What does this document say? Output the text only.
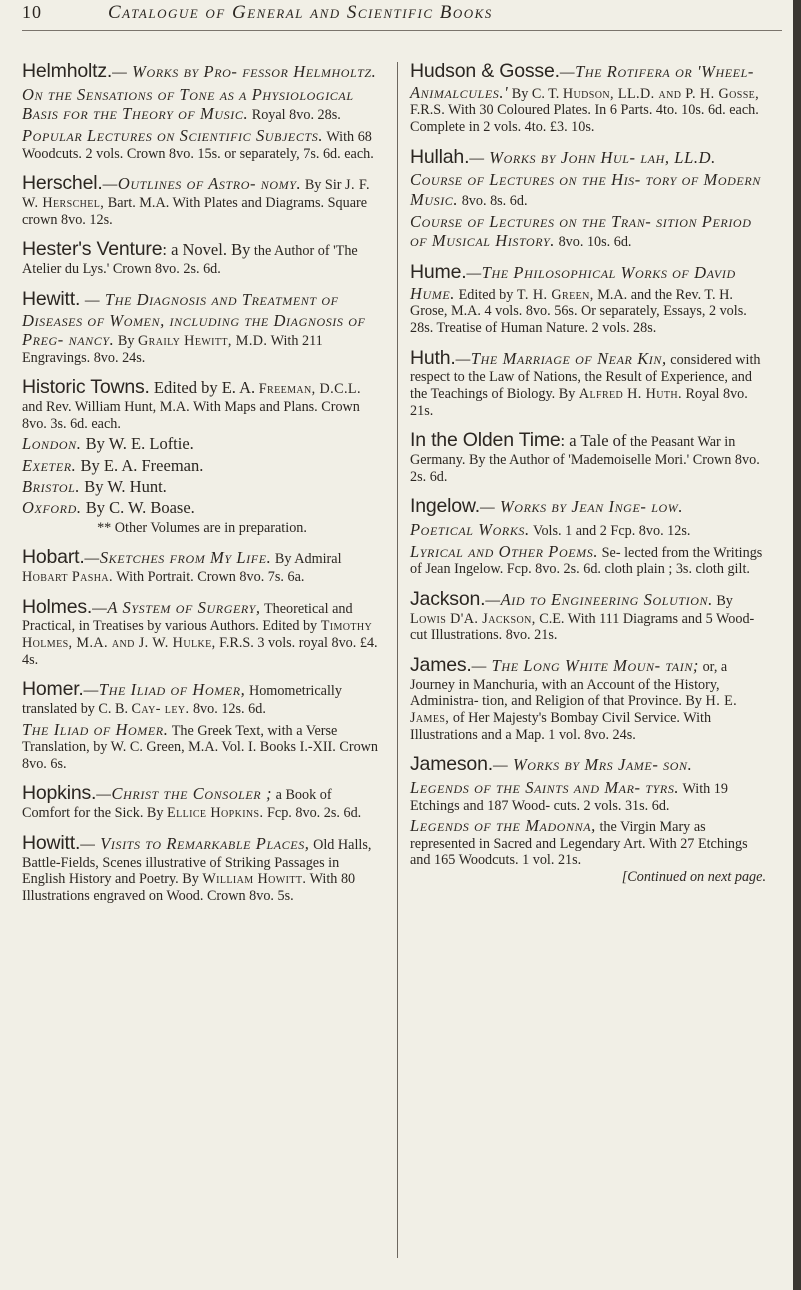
10	Catalogue of General and Scientific Books
Helmholtz.— Works by Pro- fessor Helmholtz.
On the Sensations of Tone as a Physiological Basis for the Theory of Music. Royal 8vo. 28s.
Popular Lectures on Scientific Subjects. With 68 Woodcuts. 2 vols. Crown 8vo. 15s. or separately, 7s. 6d. each.
Herschel.—Outlines of Astro- nomy. By Sir J. F. W. Herschel, Bart. M.A. With Plates and Diagrams. Square crown 8vo. 12s.
Hester's Venture: a Novel. By the Author of 'The Atelier du Lys.' Crown 8vo. 2s. 6d.
Hewitt. — The Diagnosis and Treatment of Diseases of Women, including the Diagnosis of Preg- nancy. By Graily Hewitt, M.D. With 211 Engravings. 8vo. 24s.
Historic Towns. Edited by E. A. Freeman, D.C.L. and Rev. William Hunt, M.A. With Maps and Plans. Crown 8vo. 3s. 6d. each.
London. By W. E. Loftie.
Exeter. By E. A. Freeman.
Bristol. By W. Hunt.
Oxford. By C. W. Boase.
*⁣* Other Volumes are in preparation.
Hobart.—Sketches from My Life. By Admiral Hobart Pasha. With Portrait. Crown 8vo. 7s. 6a.
Holmes.—A System of Surgery, Theoretical and Practical, in Treatises by various Authors. Edited by Timothy Holmes, M.A. and J. W. Hulke, F.R.S. 3 vols. royal 8vo. £4. 4s.
Homer.—The Iliad of Homer, Homometrically translated by C. B. Cay- ley. 8vo. 12s. 6d.
The Iliad of Homer. The Greek Text, with a Verse Translation, by W. C. Green, M.A. Vol. I. Books I.-XII. Crown 8vo. 6s.
Hopkins.—Christ the Consoler ; a Book of Comfort for the Sick. By Ellice Hopkins. Fcp. 8vo. 2s. 6d.
Howitt.— Visits to Remarkable Places, Old Halls, Battle-Fields, Scenes illustrative of Striking Passages in English History and Poetry. By William Howitt. With 80 Illustrations engraved on Wood. Crown 8vo. 5s.
Hudson & Gosse.—The Rotifera or 'Wheel-Animalcules.' By C. T. Hudson, LL.D. and P. H. Gosse, F.R.S. With 30 Coloured Plates. In 6 Parts. 4to. 10s. 6d. each. Complete in 2 vols. 4to. £3. 10s.
Hullah.— Works by John Hul- lah, LL.D.
Course of Lectures on the His- tory of Modern Music. 8vo. 8s. 6d.
Course of Lectures on the Tran- sition Period of Musical History. 8vo. 10s. 6d.
Hume.—The Philosophical Works of David Hume. Edited by T. H. Green, M.A. and the Rev. T. H. Grose, M.A. 4 vols. 8vo. 56s. Or separately, Essays, 2 vols. 28s. Treatise of Human Nature. 2 vols. 28s.
Huth.—The Marriage of Near Kin, considered with respect to the Law of Nations, the Result of Experience, and the Teachings of Biology. By Alfred H. Huth. Royal 8vo. 21s.
In the Olden Time: a Tale of the Peasant War in Germany. By the Author of 'Mademoiselle Mori.' Crown 8vo. 2s. 6d.
Ingelow.— Works by Jean Inge- low.
Poetical Works. Vols. 1 and 2 Fcp. 8vo. 12s.
Lyrical and Other Poems. Se- lected from the Writings of Jean Ingelow. Fcp. 8vo. 2s. 6d. cloth plain ; 3s. cloth gilt.
Jackson.—Aid to Engineering Solution. By Lowis D'A. Jackson, C.E. With 111 Diagrams and 5 Wood- cut Illustrations. 8vo. 21s.
James.— The Long White Moun- tain; or, a Journey in Manchuria, with an Account of the History, Administra- tion, and Religion of that Province. By H. E. James, of Her Majesty's Bombay Civil Service. With Illustrations and a Map. 1 vol. 8vo. 24s.
Jameson.— Works by Mrs Jame- son.
Legends of the Saints and Mar- tyrs. With 19 Etchings and 187 Wood- cuts. 2 vols. 31s. 6d.
Legends of the Madonna, the Virgin Mary as represented in Sacred and Legendary Art. With 27 Etchings and 165 Woodcuts. 1 vol. 21s.
[Continued on next page.
